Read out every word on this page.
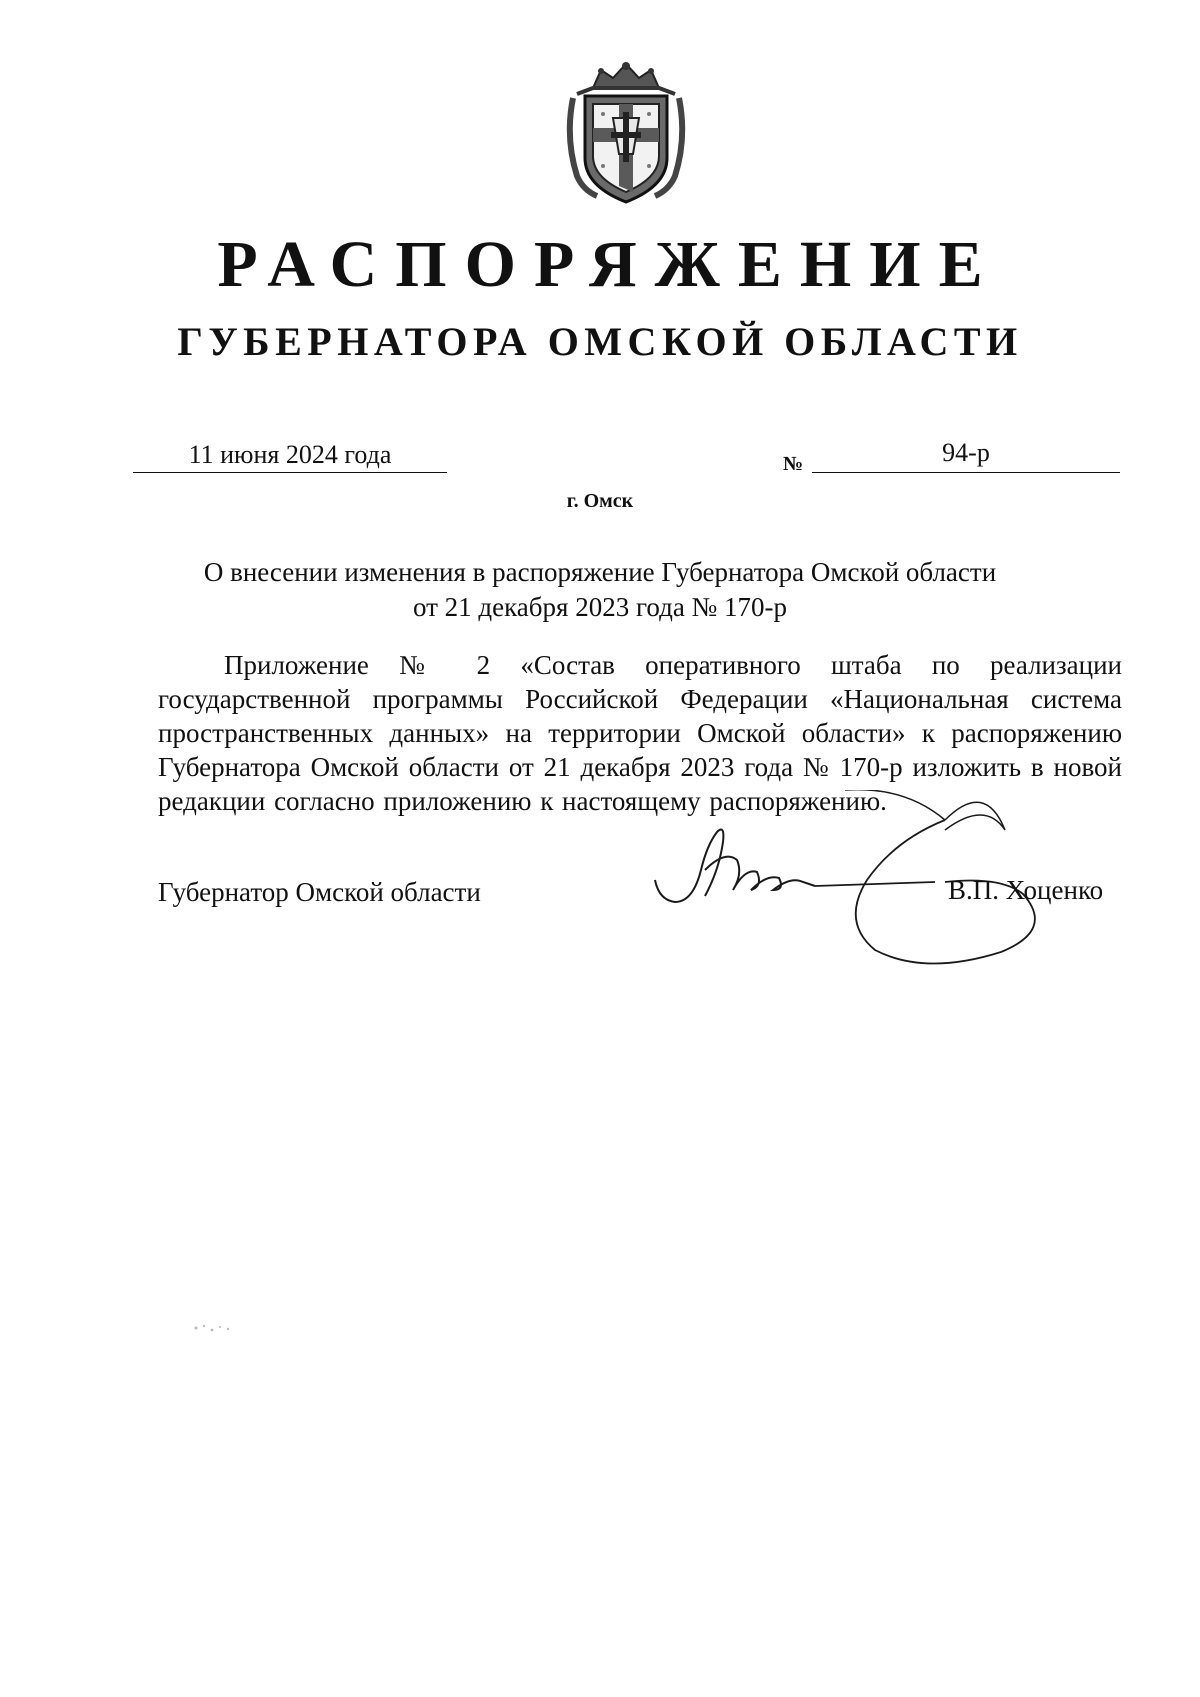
РАСПОРЯЖЕНИЕ
ГУБЕРНАТОРА ОМСКОЙ ОБЛАСТИ
11 июня 2024 года	№	94-р
г. Омск
О внесении изменения в распоряжение Губернатора Омской области
от 21 декабря 2023 года № 170-р
Приложение № 2 «Состав оперативного штаба по реализации государственной программы Российской Федерации «Национальная система пространственных данных» на территории Омской области» к распоряжению Губернатора Омской области от 21 декабря 2023 года № 170-р изложить в новой редакции согласно приложению к настоящему распоряжению.
Губернатор Омской области	В.П. Хоценко
